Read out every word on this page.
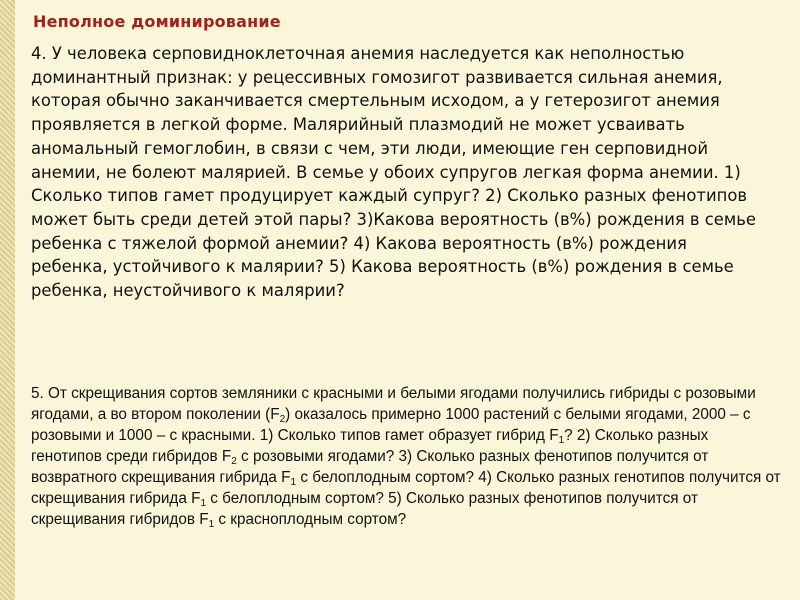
Неполное доминирование

4. У человека серповидноклеточная анемия наследуется как неполностью доминантный признак: у рецессивных гомозигот развивается сильная анемия, которая обычно заканчивается смертельным исходом, а у гетерозигот анемия проявляется в легкой форме. Малярийный плазмодий не может усваивать аномальный гемоглобин, в связи с чем, эти люди, имеющие ген серповидной анемии, не болеют малярией. В семье у обоих супругов легкая форма анемии. 1) Сколько типов гамет продуцирует каждый супруг? 2) Сколько разных фенотипов может быть среди детей этой пары? 3)Какова вероятность (в%) рождения в семье ребенка с тяжелой формой анемии? 4) Какова вероятность (в%) рождения ребенка, устойчивого к малярии? 5) Какова вероятность (в%) рождения в семье ребенка, неустойчивого к малярии?

5. От скрещивания сортов земляники с красными и белыми ягодами получились гибриды с розовыми ягодами, а во втором поколении $(F_2)$ оказалось примерно 1000 растений с белыми ягодами, 2000 – с розовыми и 1000 – с красными. 1) Сколько типов гамет образует гибрид $F_1$? 2) Сколько разных генотипов среди гибридов $F_2$ с розовыми ягодами? 3) Сколько разных фенотипов получится от возвратного скрещивания гибрида $F_1$ с белоплодным сортом? 4) Сколько разных генотипов получится от скрещивания гибрида $F_1$ с белоплодным сортом? 5) Сколько разных фенотипов получится от скрещивания гибридов $F_1$ с красноплодным сортом?
